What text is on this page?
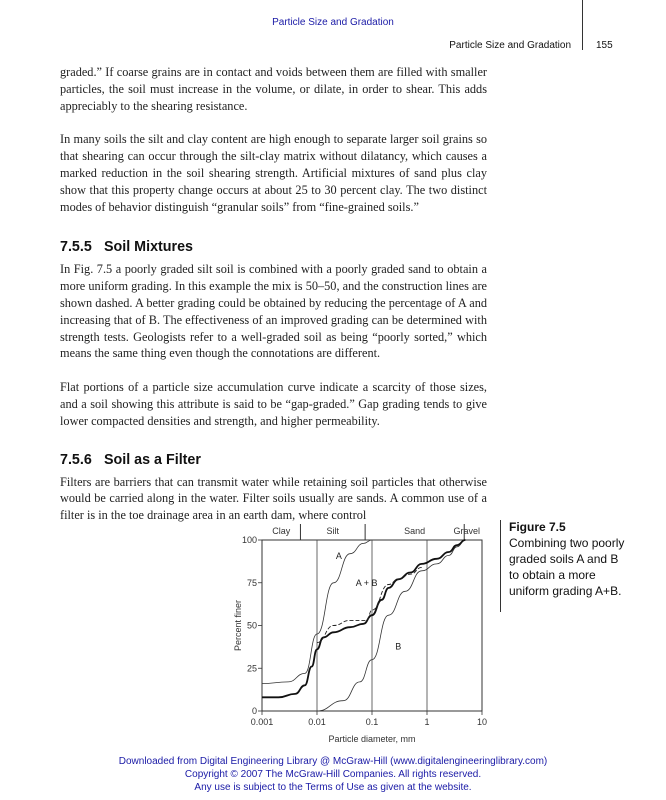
Particle Size and Gradation
Particle Size and Gradation	155

graded.” If coarse grains are in contact and voids between them are filled with smaller particles, the soil must increase in the volume, or dilate, in order to shear. This adds appreciably to the shearing resistance.

In many soils the silt and clay content are high enough to separate larger soil grains so that shearing can occur through the silt-clay matrix without dilatancy, which causes a marked reduction in the soil shearing strength. Artificial mixtures of sand plus clay show that this property change occurs at about 25 to 30 percent clay. The two distinct modes of behavior distinguish “granular soils” from “fine-grained soils.”

7.5.5 Soil Mixtures

In Fig. 7.5 a poorly graded silt soil is combined with a poorly graded sand to obtain a more uniform grading. In this example the mix is 50–50, and the construction lines are shown dashed. A better grading could be obtained by reducing the percentage of A and increasing that of B. The effectiveness of an improved grading can be determined with strength tests. Geologists refer to a well-graded soil as being “poorly sorted,” which means the same thing even though the connotations are different.

Flat portions of a particle size accumulation curve indicate a scarcity of those sizes, and a soil showing this attribute is said to be “gap-graded.” Gap grading tends to give lower compacted densities and strength, and higher permeability.

7.5.6 Soil as a Filter

Filters are barriers that can transmit water while retaining soil particles that otherwise would be carried along in the water. Filter soils usually are sands. A common use of a filter is in the toe drainage area in an earth dam, where control

0.001	0.01	0.1	1	10
0
25
50
75
100
Clay	Silt	Sand	Gravel
A
A + B
B
Particle diameter, mm
Percent finer
Figure 7.5
Combining two poorly graded soils A and B to obtain a more uniform grading A+B.
Downloaded from Digital Engineering Library @ McGraw-Hill (www.digitalengineeringlibrary.com)
Copyright © 2007 The McGraw-Hill Companies. All rights reserved.
Any use is subject to the Terms of Use as given at the website.
